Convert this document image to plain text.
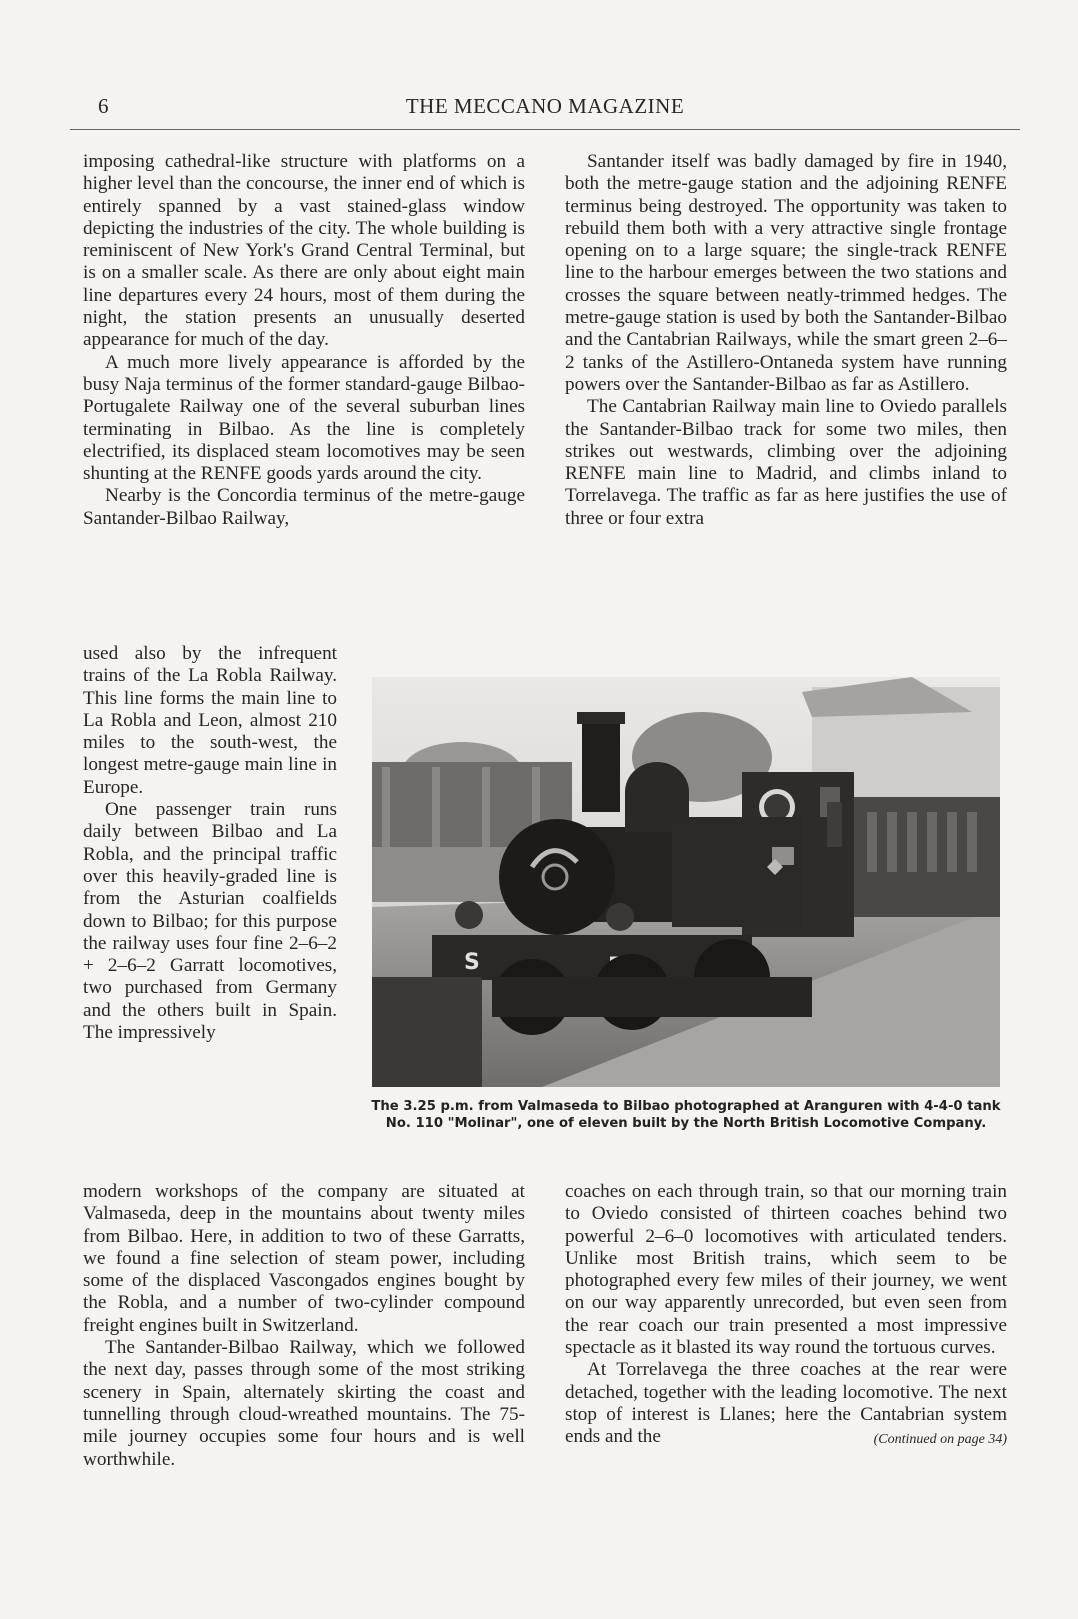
6	THE MECCANO MAGAZINE

imposing cathedral-like structure with platforms on a higher level than the concourse, the inner end of which is entirely spanned by a vast stained-glass window depicting the industries of the city. The whole building is reminiscent of New York's Grand Central Terminal, but is on a smaller scale. As there are only about eight main line departures every 24 hours, most of them during the night, the station presents an unusually deserted appearance for much of the day.

A much more lively appearance is afforded by the busy Naja terminus of the former standard-gauge Bilbao-Portugalete Railway one of the several suburban lines terminating in Bilbao. As the line is completely electrified, its displaced steam locomotives may be seen shunting at the RENFE goods yards around the city.

Nearby is the Concordia terminus of the metre-gauge Santander-Bilbao Railway,

used also by the infrequent trains of the La Robla Railway. This line forms the main line to La Robla and Leon, almost 210 miles to the south-west, the longest metre-gauge main line in Europe.

One passenger train runs daily between Bilbao and La Robla, and the principal traffic over this heavily-graded line is from the Asturian coalfields down to Bilbao; for this purpose the railway uses four fine 2–6–2 + 2–6–2 Garratt locomotives, two purchased from Germany and the others built in Spain. The impressively

modern workshops of the company are situated at Valmaseda, deep in the mountains about twenty miles from Bilbao. Here, in addition to two of these Garratts, we found a fine selection of steam power, including some of the displaced Vascongados engines bought by the Robla, and a number of two-cylinder compound freight engines built in Switzerland.

The Santander-Bilbao Railway, which we followed the next day, passes through some of the most striking scenery in Spain, alternately skirting the coast and tunnelling through cloud-wreathed mountains. The 75-mile journey occupies some four hours and is well worthwhile.

Santander itself was badly damaged by fire in 1940, both the metre-gauge station and the adjoining RENFE terminus being destroyed. The opportunity was taken to rebuild them both with a very attractive single frontage opening on to a large square; the single-track RENFE line to the harbour emerges between the two stations and crosses the square between neatly-trimmed hedges. The metre-gauge station is used by both the Santander-Bilbao and the Cantabrian Railways, while the smart green 2–6–2 tanks of the Astillero-Ontaneda system have running powers over the Santander-Bilbao as far as Astillero.

The Cantabrian Railway main line to Oviedo parallels the Santander-Bilbao track for some two miles, then strikes out westwards, climbing over the adjoining RENFE main line to Madrid, and climbs inland to Torrelavega. The traffic as far as here justifies the use of three or four extra

coaches on each through train, so that our morning train to Oviedo consisted of thirteen coaches behind two powerful 2–6–0 locomotives with articulated tenders. Unlike most British trains, which seem to be photographed every few miles of their journey, we went on our way apparently unrecorded, but even seen from the rear coach our train presented a most impressive spectacle as it blasted its way round the tortuous curves.

At Torrelavega the three coaches at the rear were detached, together with the leading locomotive. The next stop of interest is Llanes; here the Cantabrian system ends and the	(Continued on page 34)

S
The 3.25 p.m. from Valmaseda to Bilbao photographed at Aranguren with 4-4-0 tank No. 110 "Molinar", one of eleven built by the North British Locomotive Company.
